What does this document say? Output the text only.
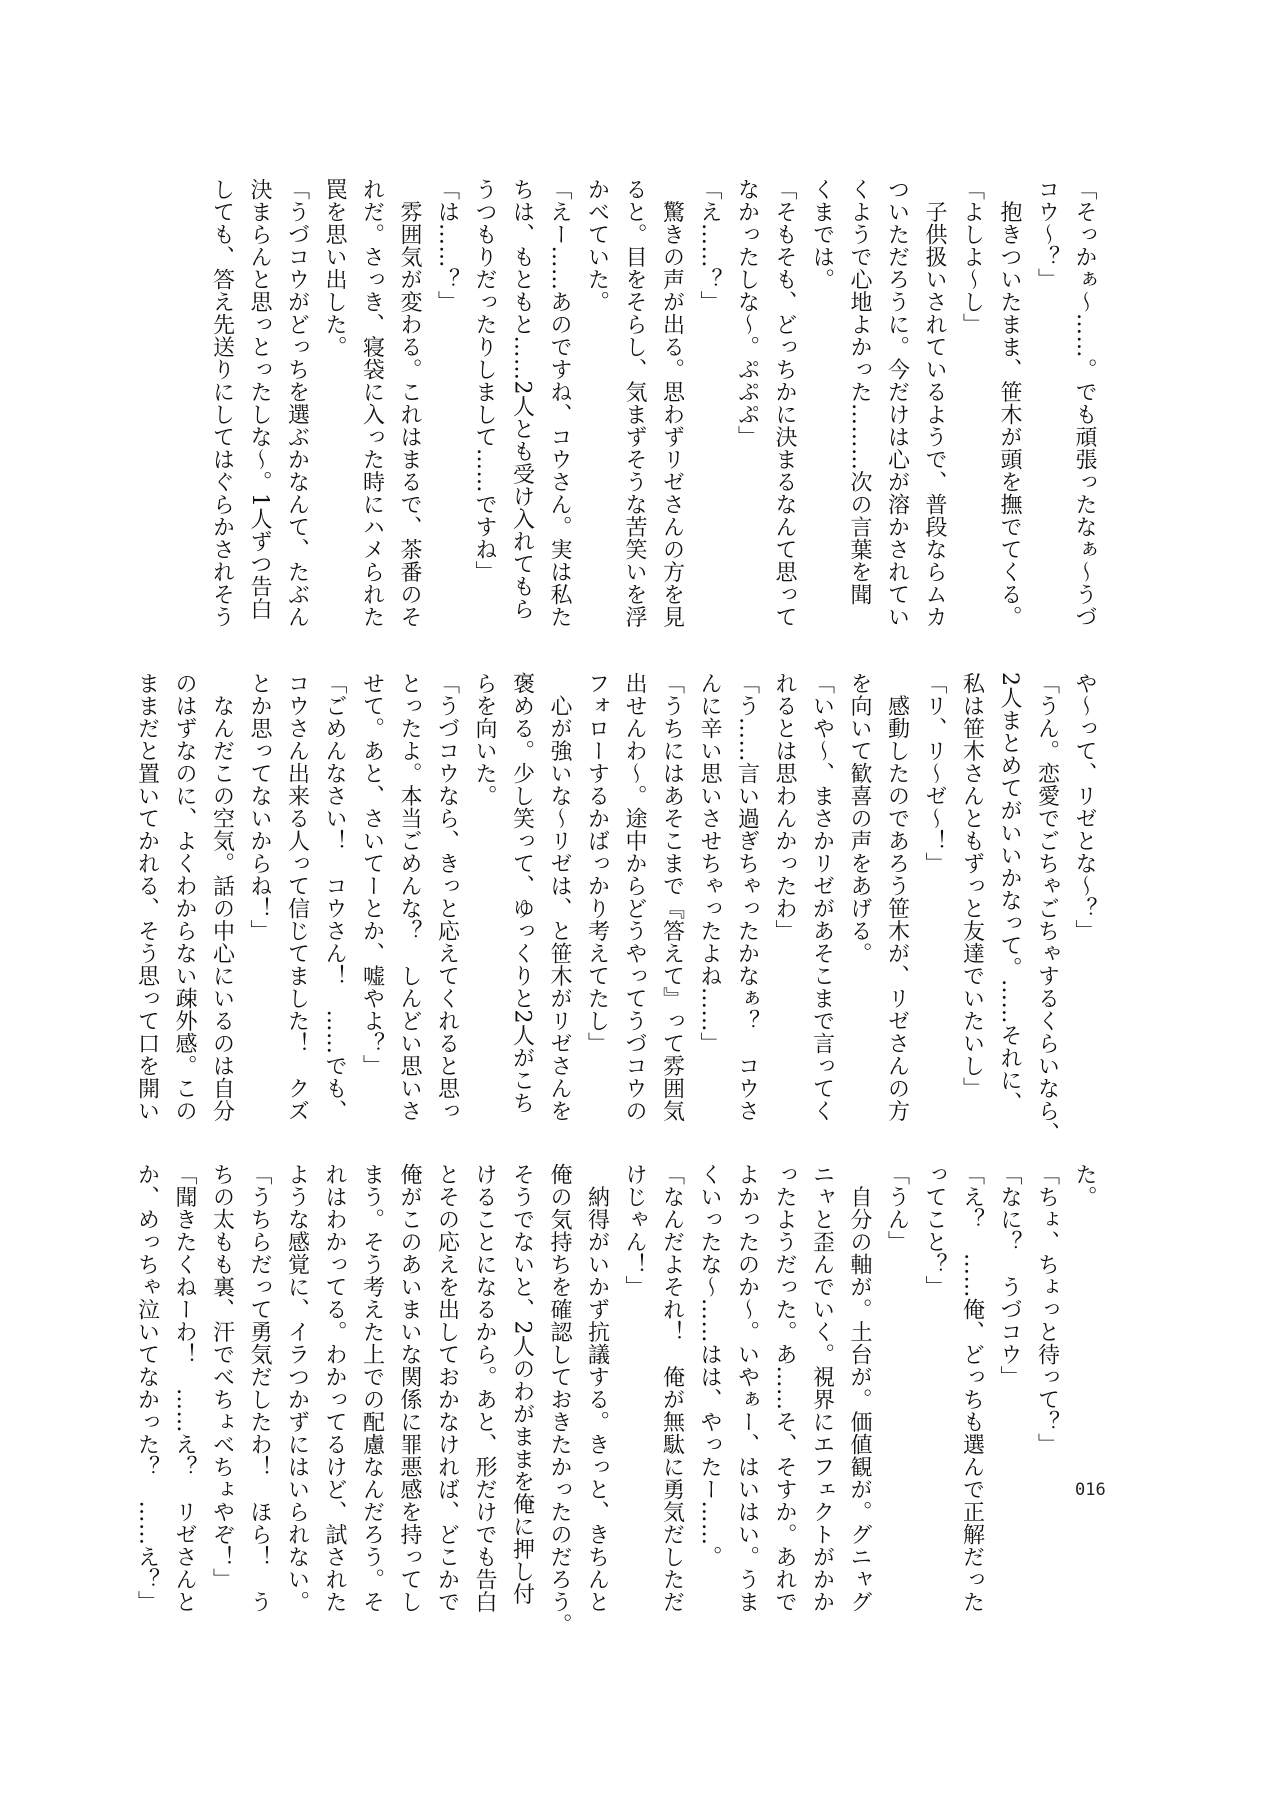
「そっかぁ〜……。でも頑張ったなぁ〜うづ
コウ〜？」
　抱きついたまま、笹木が頭を撫でてくる。
「よしよ〜し」
　子供扱いされているようで、普段ならムカ
ついただろうに。今だけは心が溶かされてい
くようで心地よかった………次の言葉を聞
くまでは。
「そもそも、どっちかに決まるなんて思って
なかったしな〜。ぷぷぷ」
「え……？」
　驚きの声が出る。思わずリゼさんの方を見
ると。目をそらし、気まずそうな苦笑いを浮
かべていた。
「えー……あのですね、コウさん。実は私た
ちは、もともと……2人とも受け入れてもら
うつもりだったりしまして……ですね」
「は……？」
　雰囲気が変わる。これはまるで、茶番のそ
れだ。さっき、寝袋に入った時にハメられた
罠を思い出した。
「うづコウがどっちを選ぶかなんて、たぶん
決まらんと思っとったしな〜。1人ずつ告白
しても、答え先送りにしてはぐらかされそう
や〜って、リゼとな〜？」
「うん。恋愛でごちゃごちゃするくらいなら、
2人まとめてがいいかなって。……それに、
私は笹木さんともずっと友達でいたいし」
「リ、リ〜ゼ〜！」
　感動したのであろう笹木が、リゼさんの方
を向いて歓喜の声をあげる。
「いや〜、まさかリゼがあそこまで言ってく
れるとは思わんかったわ」
「う……言い過ぎちゃったかなぁ？　コウさ
んに辛い思いさせちゃったよね……」
「うちにはあそこまで『答えて』って雰囲気
出せんわ〜。途中からどうやってうづコウの
フォローするかばっかり考えてたし」
　心が強いな〜リゼは、と笹木がリゼさんを
褒める。少し笑って、ゆっくりと2人がこち
らを向いた。
「うづコウなら、きっと応えてくれると思っ
とったよ。本当ごめんな？　しんどい思いさ
せて。あと、さいてーとか、嘘やよ？」
「ごめんなさい！　コウさん！　……でも、
コウさん出来る人って信じてました！　クズ
とか思ってないからね！」
　なんだこの空気。話の中心にいるのは自分
のはずなのに、よくわからない疎外感。この
ままだと置いてかれる、そう思って口を開い
た。
「ちょ、ちょっと待って？」
「なに？　うづコウ」
「え？　……俺、どっちも選んで正解だった
ってこと？」
「うん」
　自分の軸が。土台が。価値観が。グニャグ
ニャと歪んでいく。視界にエフェクトがかか
ったようだった。あ……そ、そすか。あれで
よかったのか〜。いやぁー、はいはい。うま
くいったな〜……はは、やったー……。
「なんだよそれ！　俺が無駄に勇気だしただ
けじゃん！」
　納得がいかず抗議する。きっと、きちんと
俺の気持ちを確認しておきたかったのだろう。
そうでないと、2人のわがままを俺に押し付
けることになるから。あと、形だけでも告白
とその応えを出しておかなければ、どこかで
俺がこのあいまいな関係に罪悪感を持ってし
まう。そう考えた上での配慮なんだろう。そ
れはわかってる。わかってるけど、試された
ような感覚に、イラつかずにはいられない。
「うちらだって勇気だしたわ！　ほら！　う
ちの太もも裏、汗でべちょべちょやぞ！」
「聞きたくねーわ！　……え？　リゼさんと
か、めっちゃ泣いてなかった？　……え？」	016
